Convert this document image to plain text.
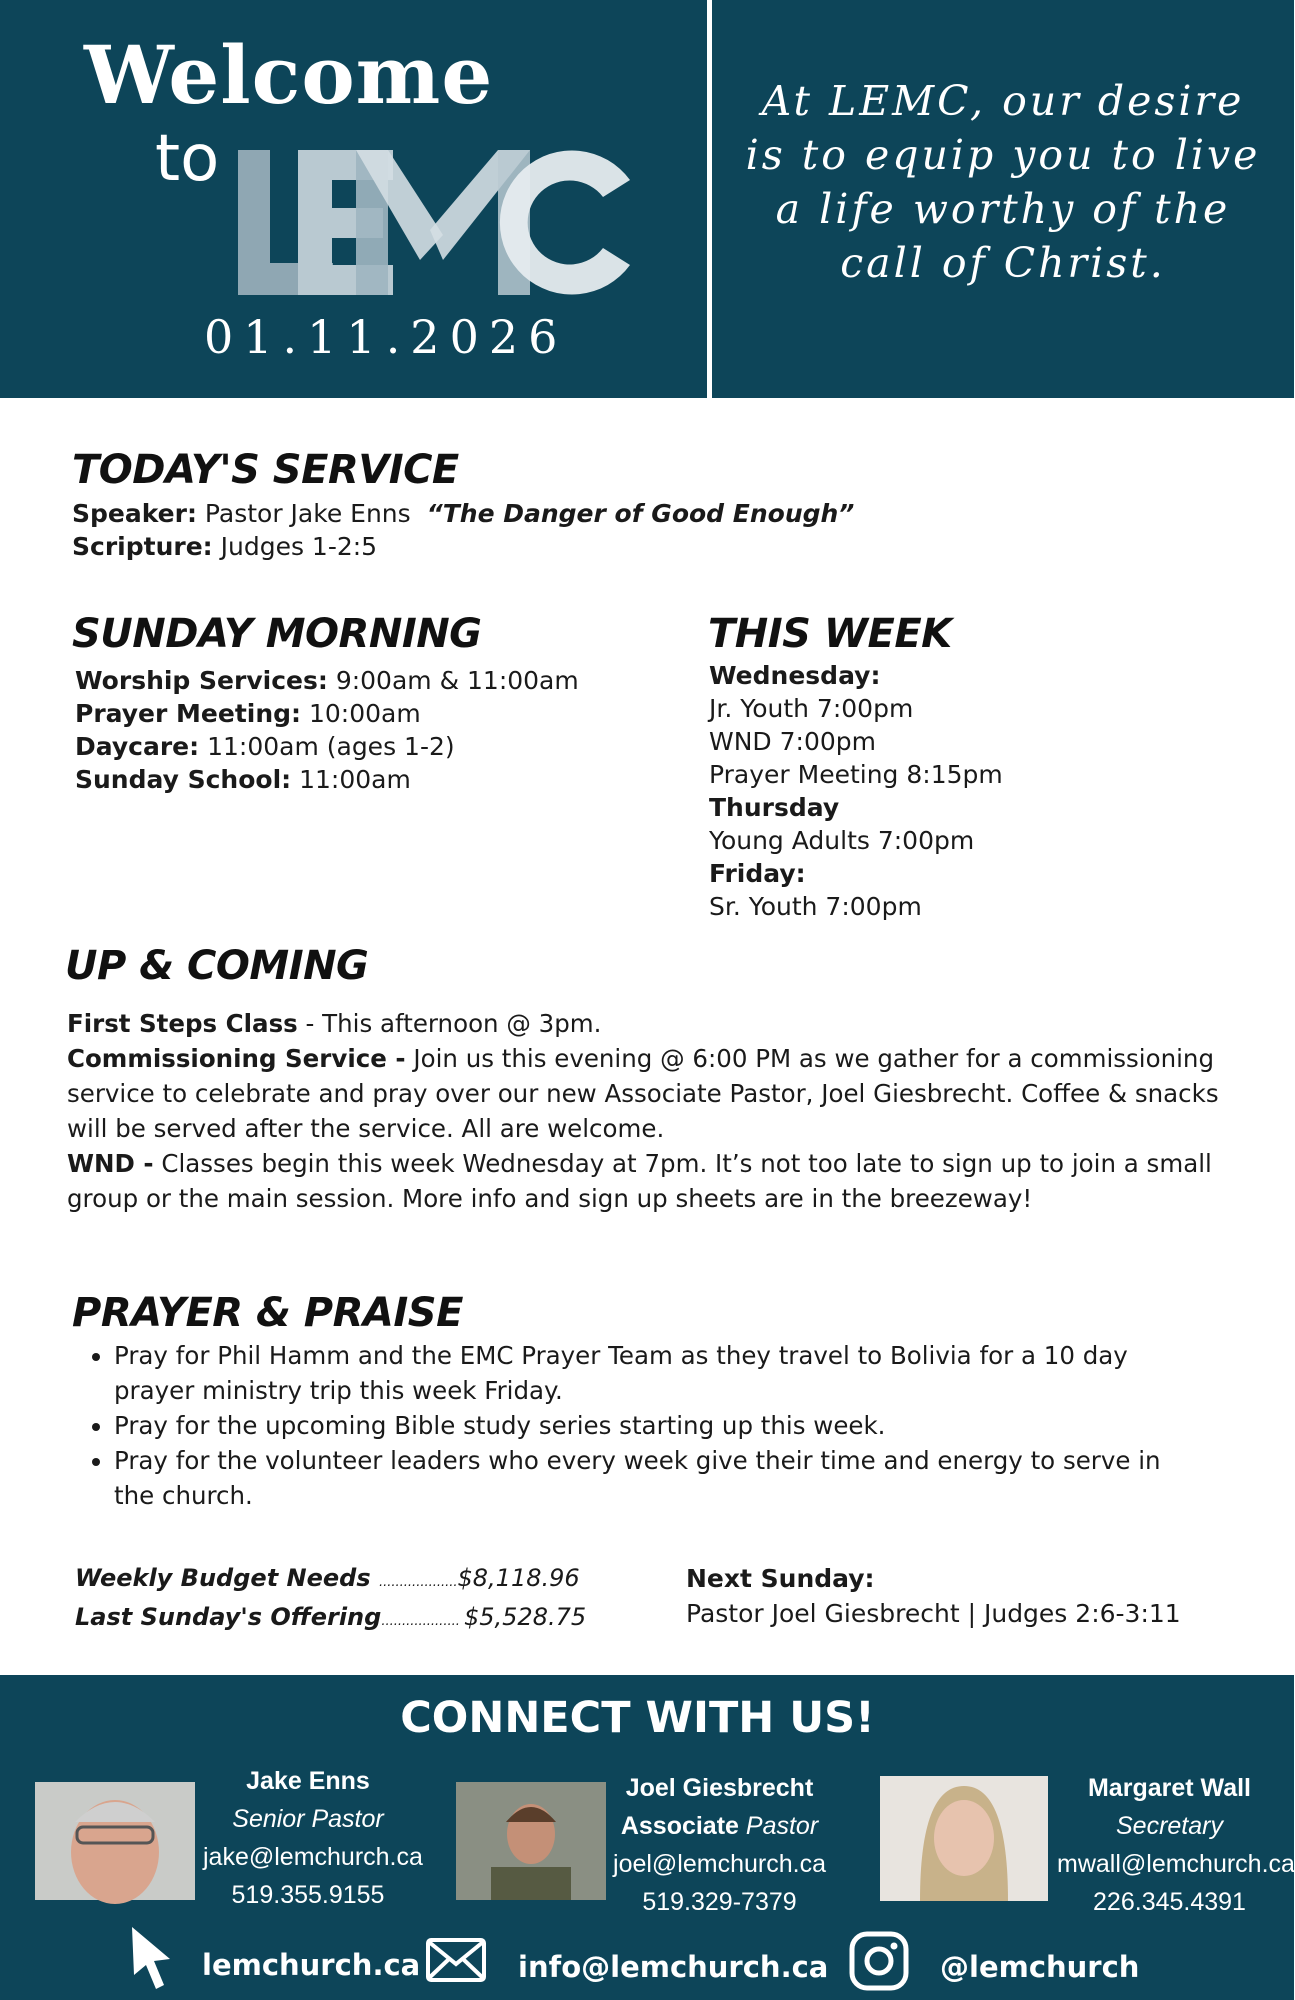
Welcome
to
01.11.2026
At LEMC, our desire is to equip you to live a life worthy of the call of Christ.
TODAY'S SERVICE
Speaker: Pastor Jake Enns “The Danger of Good Enough”
Scripture: Judges 1-2:5
SUNDAY MORNING
Worship Services: 9:00am & 11:00am
Prayer Meeting: 10:00am
Daycare: 11:00am (ages 1-2)
Sunday School: 11:00am
THIS WEEK
Wednesday:
Jr. Youth 7:00pm
WND 7:00pm
Prayer Meeting 8:15pm
Thursday
Young Adults 7:00pm
Friday:
Sr. Youth 7:00pm
UP & COMING
First Steps Class - This afternoon @ 3pm.
Commissioning Service - Join us this evening @ 6:00 PM as we gather for a commissioning service to celebrate and pray over our new Associate Pastor, Joel Giesbrecht. Coffee & snacks will be served after the service. All are welcome.
WND - Classes begin this week Wednesday at 7pm. It’s not too late to sign up to join a small group or the main session. More info and sign up sheets are in the breezeway!
PRAYER & PRAISE
• Pray for Phil Hamm and the EMC Prayer Team as they travel to Bolivia for a 10 day prayer ministry trip this week Friday.
• Pray for the upcoming Bible study series starting up this week.
• Pray for the volunteer leaders who every week give their time and energy to serve in the church.
Weekly Budget Needs ...................$8,118.96
Last Sunday's Offering................... $5,528.75
Next Sunday:
Pastor Joel Giesbrecht | Judges 2:6-3:11
CONNECT WITH US!
Jake Enns
Senior Pastor
jake@lemchurch.ca
519.355.9155
Joel Giesbrecht
Associate Pastor
joel@lemchurch.ca
519.329-7379
Margaret Wall
Secretary
mwall@lemchurch.ca
226.345.4391
lemchurch.ca	info@lemchurch.ca	@lemchurch
